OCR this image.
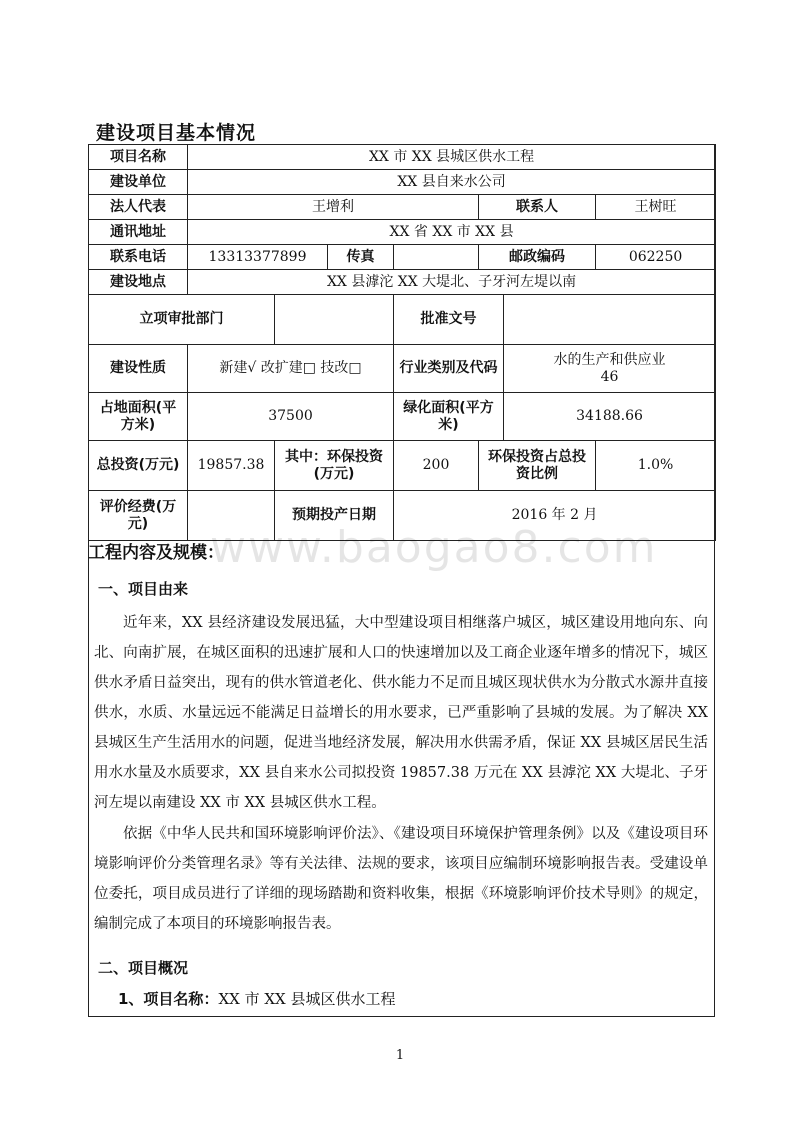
建设项目基本情况
项目名称	XX 市 XX 县城区供水工程						
建设单位	XX 县自来水公司						
法人代表	王增利				联系人		王树旺
通讯地址	XX 省 XX 市 XX 县						
联系电话	13313377899		传真		邮政编码		062250
建设地点	XX 县滹沱 XX 大堤北、子牙河左堤以南						
立项审批部门				批准文号			
建设性质	新建√ 改扩建□ 技改□			行业类别及代码		水的生产和供应业
46	

占地面积(平方米)	37500			绿化面积(平方米)		34188.66	
总投资(万元)	19857.38	其中：环保投资(万元)		200	环保投资占总投资比例		1.0%
评价经费(万元)		预期投产日期		2016 年 2 月			
www.baogao8.com
工程内容及规模：
一、项目由来
近年来，XX 县经济建设发展迅猛，大中型建设项目相继落户城区，城区建设用地向东、向北、向南扩展，在城区面积的迅速扩展和人口的快速增加以及工商企业逐年增多的情况下，城区供水矛盾日益突出，现有的供水管道老化、供水能力不足而且城区现状供水为分散式水源井直接供水，水质、水量远远不能满足日益增长的用水要求，已严重影响了县城的发展。为了解决 XX 县城区生产生活用水的问题，促进当地经济发展，解决用水供需矛盾，保证 XX 县城区居民生活用水水量及水质要求，XX 县自来水公司拟投资 19857.38 万元在 XX 县滹沱 XX 大堤北、子牙河左堤以南建设 XX 市 XX 县城区供水工程。
依据《中华人民共和国环境影响评价法》、《建设项目环境保护管理条例》以及《建设项目环境影响评价分类管理名录》等有关法律、法规的要求，该项目应编制环境影响报告表。受建设单位委托，项目成员进行了详细的现场踏勘和资料收集，根据《环境影响评价技术导则》的规定，编制完成了本项目的环境影响报告表。
二、项目概况
1、项目名称：XX 市 XX 县城区供水工程
1
